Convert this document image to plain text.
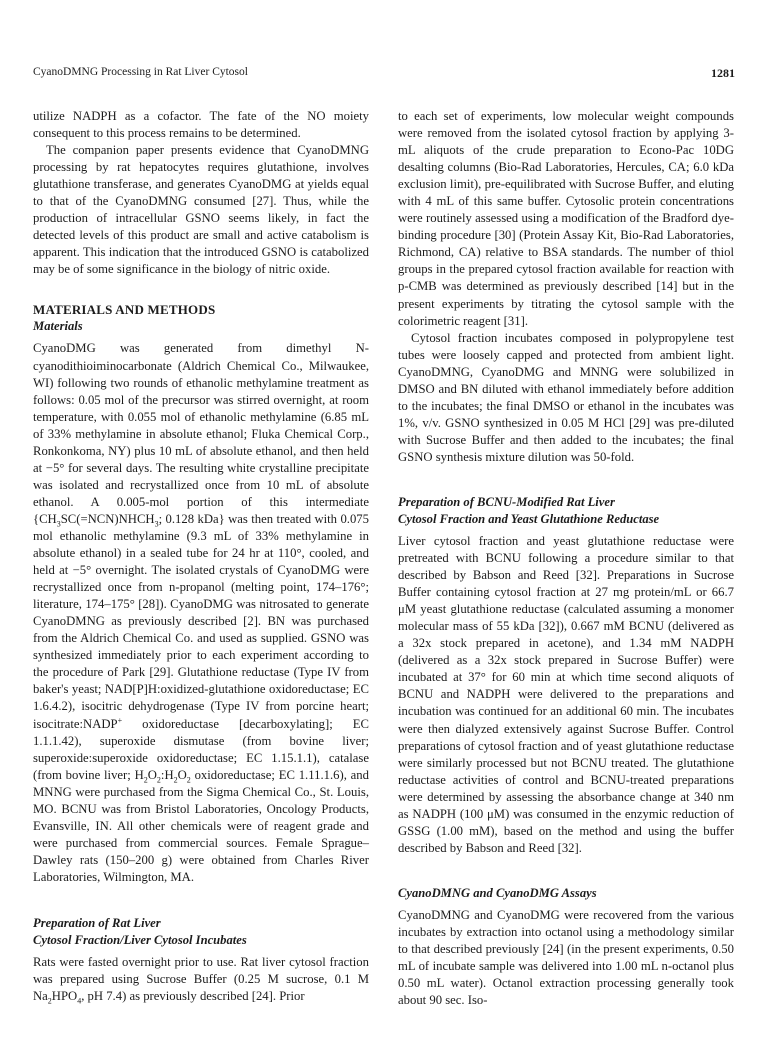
CyanoDMNG Processing in Rat Liver Cytosol	1281

utilize NADPH as a cofactor. The fate of the NO moiety consequent to this process remains to be determined.

The companion paper presents evidence that CyanoDMNG processing by rat hepatocytes requires glutathione, involves glutathione transferase, and generates CyanoDMG at yields equal to that of the CyanoDMNG consumed [27]. Thus, while the production of intracellular GSNO seems likely, in fact the detected levels of this product are small and active catabolism is apparent. This indication that the introduced GSNO is catabolized may be of some significance in the biology of nitric oxide.

MATERIALS AND METHODS
Materials

CyanoDMG was generated from dimethyl N-cyanodithioiminocarbonate (Aldrich Chemical Co., Milwaukee, WI) following two rounds of ethanolic methylamine treatment as follows: 0.05 mol of the precursor was stirred overnight, at room temperature, with 0.055 mol of ethanolic methylamine (6.85 mL of 33% methylamine in absolute ethanol; Fluka Chemical Corp., Ronkonkoma, NY) plus 10 mL of absolute ethanol, and then held at −5° for several days. The resulting white crystalline precipitate was isolated and recrystallized once from 10 mL of absolute ethanol. A 0.005-mol portion of this intermediate {$CH_3SC(=NCN)NHCH_3$; 0.128 kDa} was then treated with 0.075 mol ethanolic methylamine (9.3 mL of 33% methylamine in absolute ethanol) in a sealed tube for 24 hr at 110°, cooled, and held at −5° overnight. The isolated crystals of CyanoDMG were recrystallized once from n-propanol (melting point, 174–176°; literature, 174–175° [28]). CyanoDMG was nitrosated to generate CyanoDMNG as previously described [2]. BN was purchased from the Aldrich Chemical Co. and used as supplied. GSNO was synthesized immediately prior to each experiment according to the procedure of Park [29]. Glutathione reductase (Type IV from baker's yeast; NAD[P]H:oxidized-glutathione oxidoreductase; EC 1.6.4.2), isocitric dehydrogenase (Type IV from porcine heart; isocitrate:NADP+ oxidoreductase [decarboxylating]; EC 1.1.1.42), superoxide dismutase (from bovine liver; superoxide:superoxide oxidoreductase; EC 1.15.1.1), catalase (from bovine liver; $H_2O_2:H_2O_2$ oxidoreductase; EC 1.11.1.6), and MNNG were purchased from the Sigma Chemical Co., St. Louis, MO. BCNU was from Bristol Laboratories, Oncology Products, Evansville, IN. All other chemicals were of reagent grade and were purchased from commercial sources. Female Sprague–Dawley rats (150–200 g) were obtained from Charles River Laboratories, Wilmington, MA.

Preparation of Rat Liver
Cytosol Fraction/Liver Cytosol Incubates

Rats were fasted overnight prior to use. Rat liver cytosol fraction was prepared using Sucrose Buffer (0.25 M sucrose, 0.1 M $Na_2HPO_4$, pH 7.4) as previously described [24]. Prior

to each set of experiments, low molecular weight compounds were removed from the isolated cytosol fraction by applying 3-mL aliquots of the crude preparation to Econo-Pac 10DG desalting columns (Bio-Rad Laboratories, Hercules, CA; 6.0 kDa exclusion limit), pre-equilibrated with Sucrose Buffer, and eluting with 4 mL of this same buffer. Cytosolic protein concentrations were routinely assessed using a modification of the Bradford dye-binding procedure [30] (Protein Assay Kit, Bio-Rad Laboratories, Richmond, CA) relative to BSA standards. The number of thiol groups in the prepared cytosol fraction available for reaction with p-CMB was determined as previously described [14] but in the present experiments by titrating the cytosol sample with the colorimetric reagent [31].

Cytosol fraction incubates composed in polypropylene test tubes were loosely capped and protected from ambient light. CyanoDMNG, CyanoDMG and MNNG were solubilized in DMSO and BN diluted with ethanol immediately before addition to the incubates; the final DMSO or ethanol in the incubates was 1%, v/v. GSNO synthesized in 0.05 M HCl [29] was pre-diluted with Sucrose Buffer and then added to the incubates; the final GSNO synthesis mixture dilution was 50-fold.

Preparation of BCNU-Modified Rat Liver
Cytosol Fraction and Yeast Glutathione Reductase

Liver cytosol fraction and yeast glutathione reductase were pretreated with BCNU following a procedure similar to that described by Babson and Reed [32]. Preparations in Sucrose Buffer containing cytosol fraction at 27 mg protein/mL or 66.7 μM yeast glutathione reductase (calculated assuming a monomer molecular mass of 55 kDa [32]), 0.667 mM BCNU (delivered as a 32x stock prepared in acetone), and 1.34 mM NADPH (delivered as a 32x stock prepared in Sucrose Buffer) were incubated at 37° for 60 min at which time second aliquots of BCNU and NADPH were delivered to the preparations and incubation was continued for an additional 60 min. The incubates were then dialyzed extensively against Sucrose Buffer. Control preparations of cytosol fraction and of yeast glutathione reductase were similarly processed but not BCNU treated. The glutathione reductase activities of control and BCNU-treated preparations were determined by assessing the absorbance change at 340 nm as NADPH (100 μM) was consumed in the enzymic reduction of GSSG (1.00 mM), based on the method and using the buffer described by Babson and Reed [32].

CyanoDMNG and CyanoDMG Assays

CyanoDMNG and CyanoDMG were recovered from the various incubates by extraction into octanol using a methodology similar to that described previously [24] (in the present experiments, 0.50 mL of incubate sample was delivered into 1.00 mL n-octanol plus 0.50 mL water). Octanol extraction processing generally took about 90 sec. Iso-
